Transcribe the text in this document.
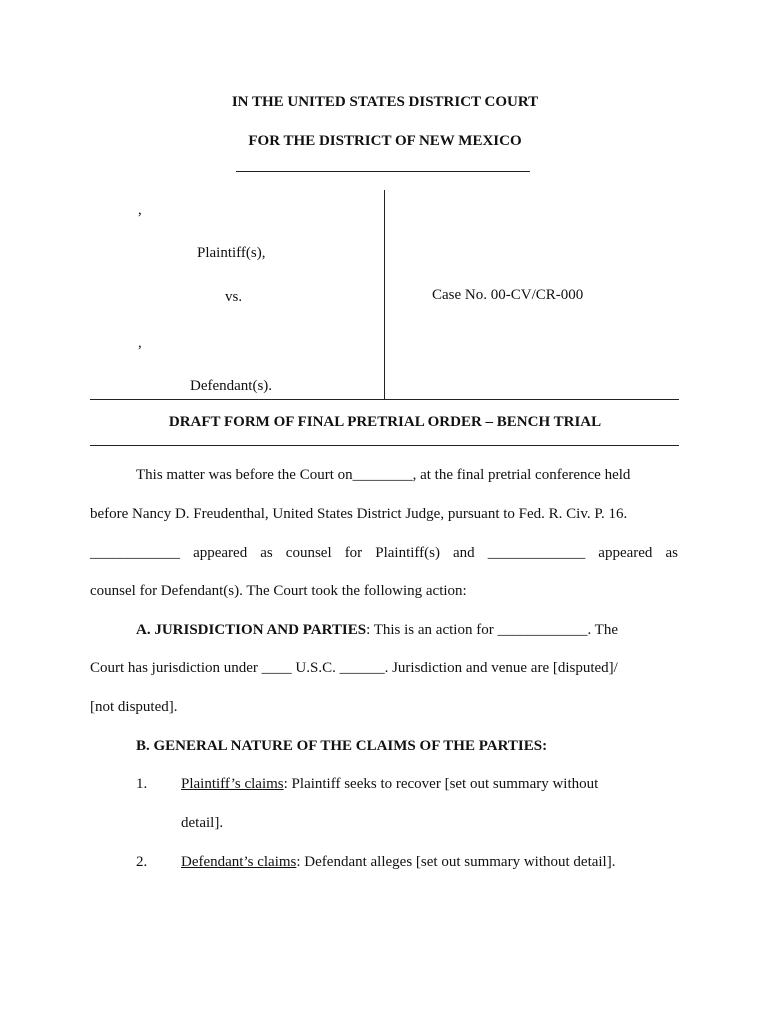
IN THE UNITED STATES DISTRICT COURT
FOR THE DISTRICT OF NEW MEXICO
,
Plaintiff(s),
vs.
,
Defendant(s).
Case No. 00-CV/CR-000
DRAFT FORM OF FINAL PRETRIAL ORDER – BENCH TRIAL
This matter was before the Court on________, at the final pretrial conference held
before Nancy D. Freudenthal, United States District Judge, pursuant to Fed. R. Civ. P. 16.
____________ appeared as counsel for Plaintiff(s) and _____________ appeared as
counsel for Defendant(s). The Court took the following action:
A. JURISDICTION AND PARTIES: This is an action for ____________. The
Court has jurisdiction under ____ U.S.C. ______. Jurisdiction and venue are [disputed]/
[not disputed].
B. GENERAL NATURE OF THE CLAIMS OF THE PARTIES:
1. Plaintiff’s claims: Plaintiff seeks to recover [set out summary without
detail].
2. Defendant’s claims: Defendant alleges [set out summary without detail].
